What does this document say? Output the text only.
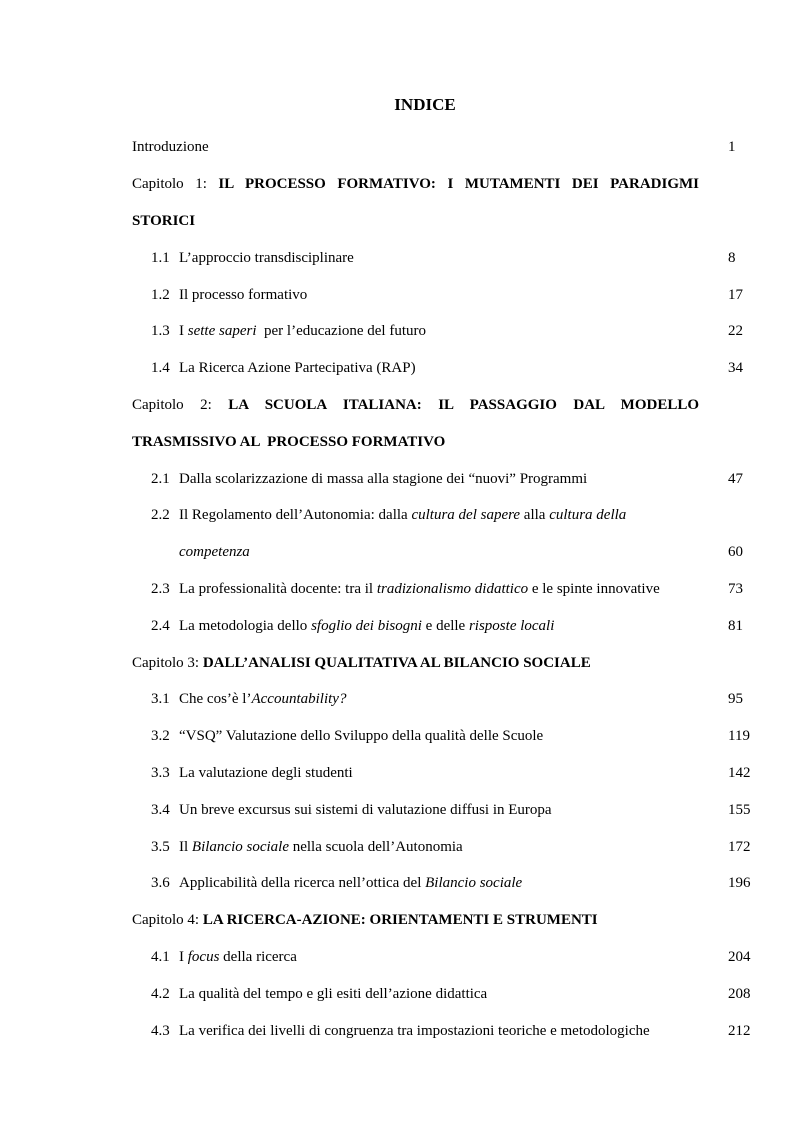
INDICE
Introduzione	1
Capitolo 1: IL PROCESSO FORMATIVO: I MUTAMENTI DEI PARADIGMI
STORICI
1.1 L’approccio transdisciplinare	8
1.2 Il processo formativo	17
1.3 I sette saperi  per l’educazione del futuro	22
1.4 La Ricerca Azione Partecipativa (RAP)	34
Capitolo 2: LA SCUOLA ITALIANA: IL PASSAGGIO DAL MODELLO
TRASMISSIVO AL  PROCESSO FORMATIVO
2.1 Dalla scolarizzazione di massa alla stagione dei “nuovi” Programmi	47
2.2 Il Regolamento dell’Autonomia: dalla cultura del sapere alla cultura della
competenza	60
2.3 La professionalità docente: tra il tradizionalismo didattico e le spinte innovative	73
2.4 La metodologia dello sfoglio dei bisogni e delle risposte locali	81
Capitolo 3: DALL’ANALISI QUALITATIVA AL BILANCIO SOCIALE
3.1 Che cos’è l’Accountability?	95
3.2 “VSQ” Valutazione dello Sviluppo della qualità delle Scuole	119
3.3 La valutazione degli studenti	142
3.4 Un breve excursus sui sistemi di valutazione diffusi in Europa	155
3.5 Il Bilancio sociale nella scuola dell’Autonomia	172
3.6 Applicabilità della ricerca nell’ottica del Bilancio sociale	196
Capitolo 4: LA RICERCA-AZIONE: ORIENTAMENTI E STRUMENTI
4.1 I focus della ricerca	204
4.2 La qualità del tempo e gli esiti dell’azione didattica	208
4.3 La verifica dei livelli di congruenza tra impostazioni teoriche e metodologiche	212
